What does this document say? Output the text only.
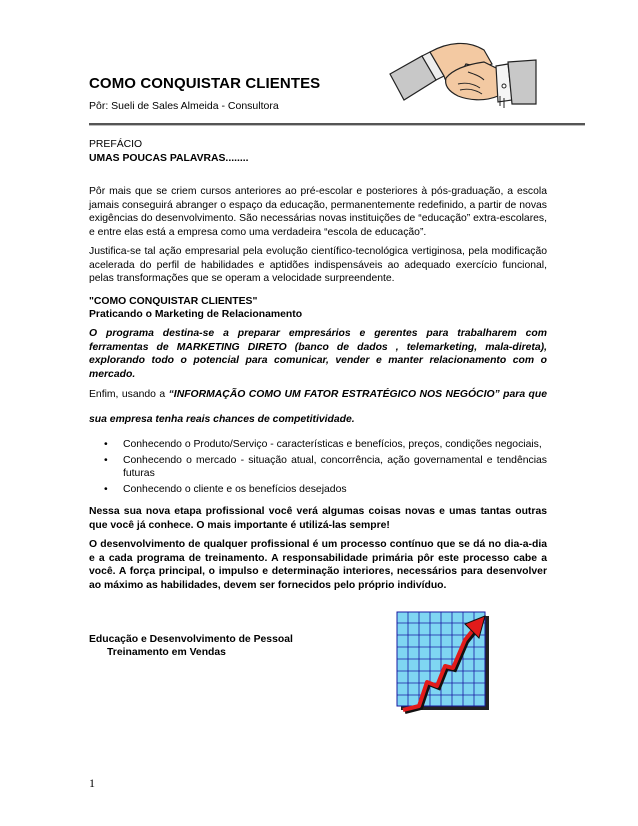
COMO CONQUISTAR CLIENTES
Pôr: Sueli de Sales Almeida - Consultora
PREFÁCIO
UMAS POUCAS PALAVRAS........
Pôr mais que se criem cursos anteriores ao pré-escolar e posteriores à pós-graduação, a escola jamais conseguirá abranger o espaço da educação, permanentemente redefinido, a partir de novas exigências do desenvolvimento. São necessárias novas instituições de “educação” extra-escolares, e entre elas está a empresa como uma verdadeira “escola de educação”.
Justifica-se tal ação empresarial pela evolução científico-tecnológica vertiginosa, pela modificação acelerada do perfil de habilidades e aptidões indispensáveis ao adequado exercício funcional, pelas transformações que se operam a velocidade surpreendente.
"COMO CONQUISTAR CLIENTES"
Praticando o Marketing de Relacionamento
O programa destina-se a preparar empresários e gerentes para trabalharem com ferramentas de MARKETING DIRETO (banco de dados , telemarketing, mala-direta), explorando todo o potencial para comunicar, vender e manter relacionamento com o mercado.
Enfim, usando a “INFORMAÇÃO COMO UM FATOR ESTRATÉGICO NOS NEGÓCIO” para que
sua empresa tenha reais chances de competitividade.
• Conhecendo o Produto/Serviço - características e benefícios, preços, condições negociais,
• Conhecendo o mercado - situação atual, concorrência, ação governamental e tendências futuras
• Conhecendo o cliente e os benefícios desejados
Nessa sua nova etapa profissional você verá algumas coisas novas e umas tantas outras que você já conhece. O mais importante é utilizá-las sempre!
O desenvolvimento de qualquer profissional é um processo contínuo que se dá no dia-a-dia e a cada programa de treinamento. A responsabilidade primária pôr este processo cabe a você. A força principal, o impulso e determinação interiores, necessários para desenvolver ao máximo as habilidades, devem ser fornecidos pelo próprio indivíduo.
Educação e Desenvolvimento de Pessoal
Treinamento em Vendas
1
